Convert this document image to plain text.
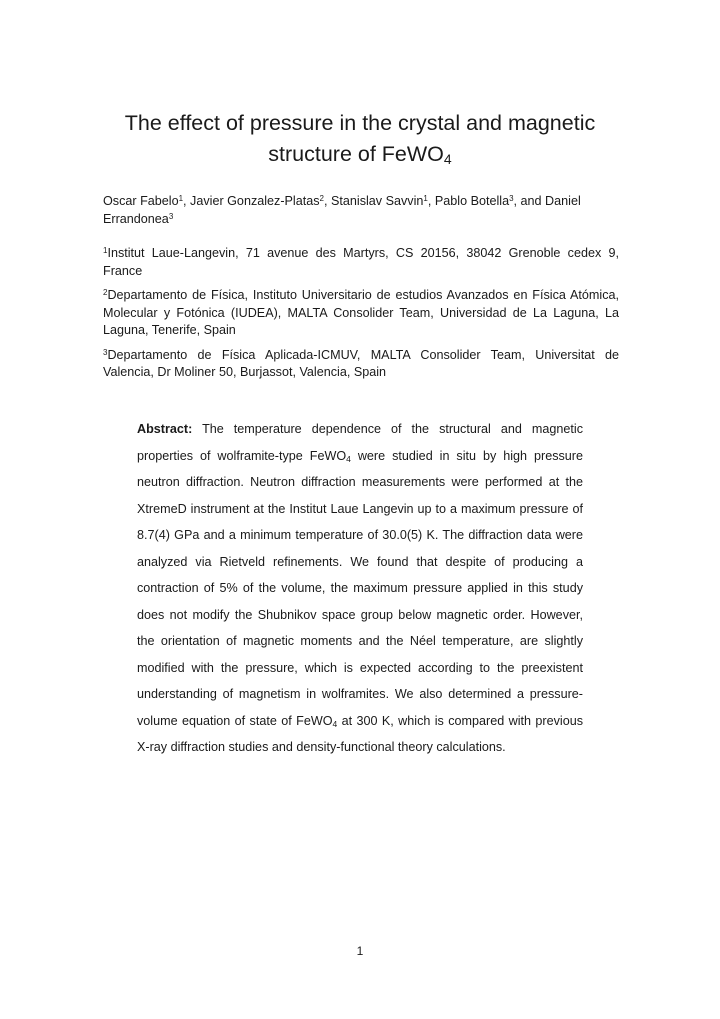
The effect of pressure in the crystal and magnetic structure of FeWO$_4$

Oscar Fabelo$^1$, Javier Gonzalez-Platas$^2$, Stanislav Savvin$^1$, Pablo Botella$^3$, and Daniel Errandonea$^3$

$^1$Institut Laue-Langevin, 71 avenue des Martyrs, CS 20156, 38042 Grenoble cedex 9, France

$^2$Departamento de Física, Instituto Universitario de estudios Avanzados en Física Atómica, Molecular y Fotónica (IUDEA), MALTA Consolider Team, Universidad de La Laguna, La Laguna, Tenerife, Spain

$^3$Departamento de Física Aplicada-ICMUV, MALTA Consolider Team, Universitat de Valencia, Dr Moliner 50, Burjassot, Valencia, Spain

Abstract: The temperature dependence of the structural and magnetic properties of wolframite-type FeWO$_4$ were studied in situ by high pressure neutron diffraction. Neutron diffraction measurements were performed at the XtremeD instrument at the Institut Laue Langevin up to a maximum pressure of 8.7(4) GPa and a minimum temperature of 30.0(5) K. The diffraction data were analyzed via Rietveld refinements. We found that despite of producing a contraction of 5% of the volume, the maximum pressure applied in this study does not modify the Shubnikov space group below magnetic order. However, the orientation of magnetic moments and the Néel temperature, are slightly modified with the pressure, which is expected according to the preexistent understanding of magnetism in wolframites. We also determined a pressure-volume equation of state of FeWO$_4$ at 300 K, which is compared with previous X-ray diffraction studies and density-functional theory calculations.

1
